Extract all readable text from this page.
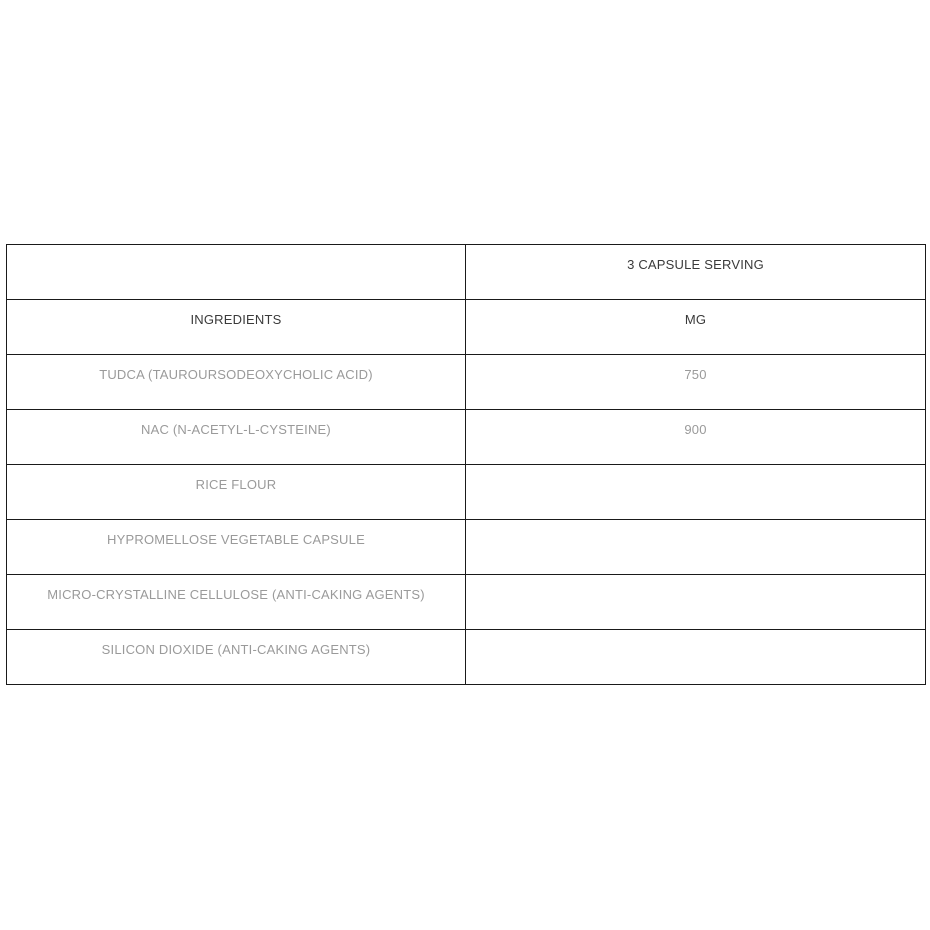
	3 CAPSULE SERVING
INGREDIENTS	MG
TUDCA (TAUROURSODEOXYCHOLIC ACID)	750
NAC (N-ACETYL-L-CYSTEINE)	900
RICE FLOUR	
HYPROMELLOSE VEGETABLE CAPSULE	
MICRO-CRYSTALLINE CELLULOSE (ANTI-CAKING AGENTS)	
SILICON DIOXIDE (ANTI-CAKING AGENTS)	
